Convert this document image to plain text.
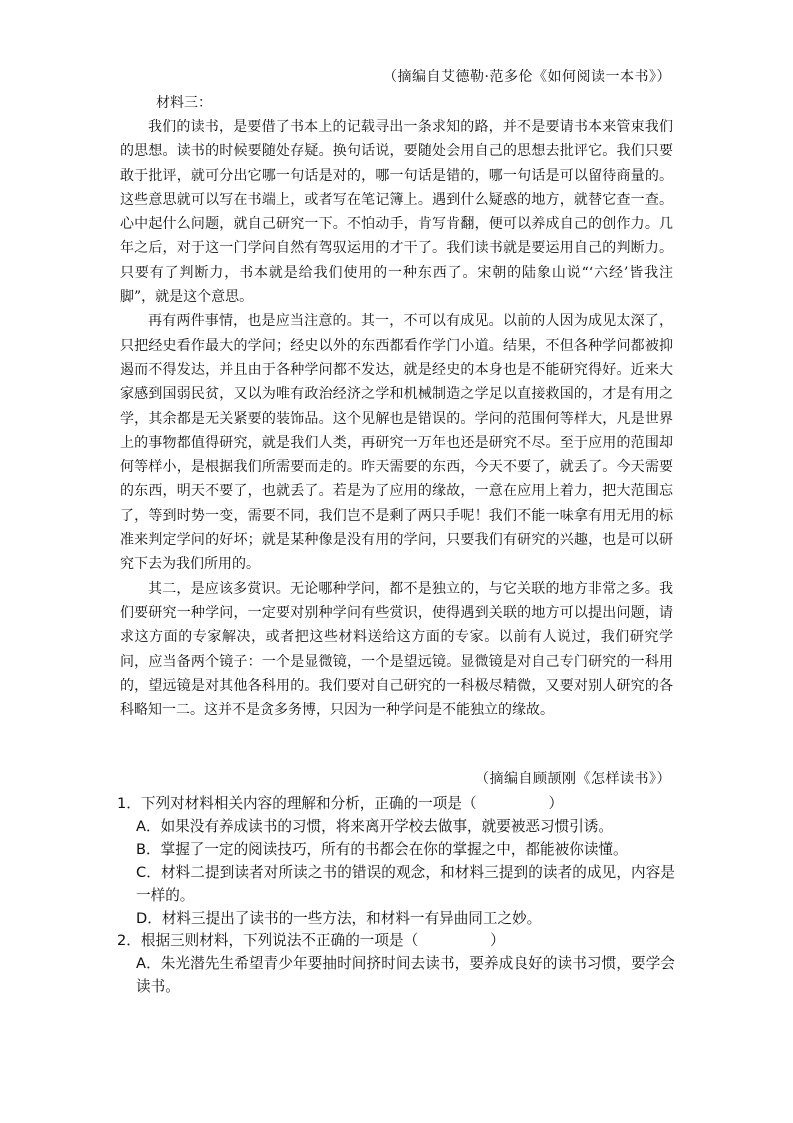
（摘编自艾德勒·范多伦《如何阅读一本书》）
材料三：

我们的读书，是要借了书本上的记载寻出一条求知的路，并不是要请书本来管束我们的思想。读书的时候要随处存疑。换句话说，要随处会用自己的思想去批评它。我们只要敢于批评，就可分出它哪一句话是对的，哪一句话是错的，哪一句话是可以留待商量的。这些意思就可以写在书端上，或者写在笔记簿上。遇到什么疑惑的地方，就替它查一查。心中起什么问题，就自己研究一下。不怕动手，肯写肯翻，便可以养成自己的创作力。几年之后，对于这一门学问自然有驾驭运用的才干了。我们读书就是要运用自己的判断力。只要有了判断力，书本就是给我们使用的一种东西了。宋朝的陆象山说“‘六经’皆我注脚”，就是这个意思。

再有两件事情，也是应当注意的。其一，不可以有成见。以前的人因为成见太深了，只把经史看作最大的学问；经史以外的东西都看作学门小道。结果，不但各种学问都被抑遏而不得发达，并且由于各种学问都不发达，就是经史的本身也是不能研究得好。近来大家感到国弱民贫，又以为唯有政治经济之学和机械制造之学足以直接救国的，才是有用之学，其余都是无关紧要的装饰品。这个见解也是错误的。学问的范围何等样大，凡是世界上的事物都值得研究，就是我们人类，再研究一万年也还是研究不尽。至于应用的范围却何等样小，是根据我们所需要而走的。昨天需要的东西，今天不要了，就丢了。今天需要的东西，明天不要了，也就丢了。若是为了应用的缘故，一意在应用上着力，把大范围忘了，等到时势一变，需要不同，我们岂不是剩了两只手呢！我们不能一味拿有用无用的标准来判定学问的好坏；就是某种像是没有用的学问，只要我们有研究的兴趣，也是可以研究下去为我们所用的。

其二，是应该多赏识。无论哪种学问，都不是独立的，与它关联的地方非常之多。我们要研究一种学问，一定要对别种学问有些赏识，使得遇到关联的地方可以提出问题，请求这方面的专家解决，或者把这些材料送给这方面的专家。以前有人说过，我们研究学问，应当备两个镜子：一个是显微镜，一个是望远镜。显微镜是对自己专门研究的一科用的，望远镜是对其他各科用的。我们要对自己研究的一科极尽精微，又要对别人研究的各科略知一二。这并不是贪多务博，只因为一种学问是不能独立的缘故。

（摘编自顾颉刚《怎样读书》）

1．下列对材料相关内容的理解和分析，正确的一项是（	）

A．如果没有养成读书的习惯，将来离开学校去做事，就要被恶习惯引诱。

B．掌握了一定的阅读技巧，所有的书都会在你的掌握之中，都能被你读懂。

C．材料二提到读者对所读之书的错误的观念，和材料三提到的读者的成见，内容是一样的。

D．材料三提出了读书的一些方法，和材料一有异曲同工之妙。

2．根据三则材料，下列说法不正确的一项是（	）

A．朱光潜先生希望青少年要抽时间挤时间去读书，要养成良好的读书习惯，要学会读书。
